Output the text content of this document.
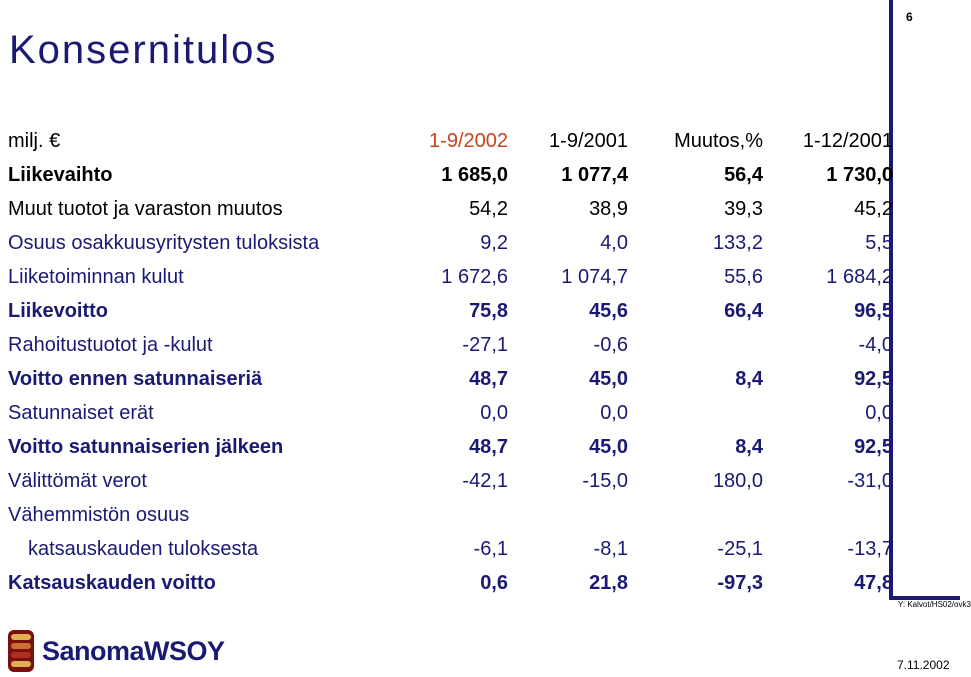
Konsernitulos
6
milj. €	1-9/2002	1-9/2001	Muutos,%	1-12/2001
Liikevaihto	1 685,0	1 077,4	56,4	1 730,0
Muut tuotot ja varaston muutos	54,2	38,9	39,3	45,2
Osuus osakkuusyritysten tuloksista	9,2	4,0	133,2	5,5
Liiketoiminnan kulut	1 672,6	1 074,7	55,6	1 684,2
Liikevoitto	75,8	45,6	66,4	96,5
Rahoitustuotot ja -kulut	-27,1	-0,6		-4,0
Voitto ennen satunnaiseriä	48,7	45,0	8,4	92,5
Satunnaiset erät	0,0	0,0		0,0
Voitto satunnaiserien jälkeen	48,7	45,0	8,4	92,5
Välittömät verot	-42,1	-15,0	180,0	-31,0
Vähemmistön osuus				
katsauskauden tuloksesta	-6,1	-8,1	-25,1	-13,7
Katsauskauden voitto	0,6	21,8	-97,3	47,8
Y: Kalvot/HS02/ovk3
SanomaWSOY	7.11.2002
